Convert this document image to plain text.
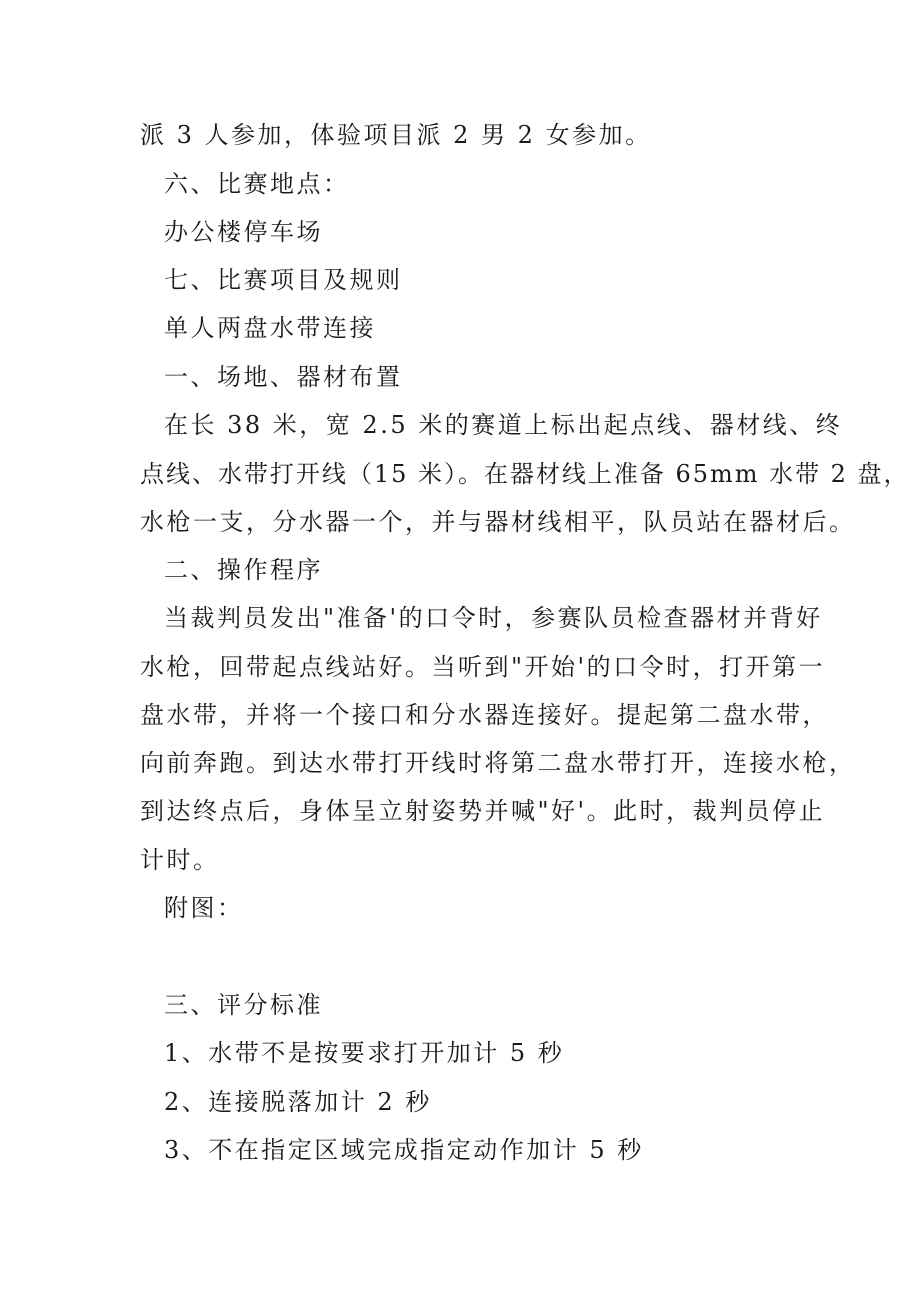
派 3 人参加，体验项目派 2 男 2 女参加。
六、比赛地点：
办公楼停车场
七、比赛项目及规则
单人两盘水带连接
一、场地、器材布置
在长 38 米，宽 2.5 米的赛道上标出起点线、器材线、终
点线、水带打开线（15 米）。在器材线上准备 65mm 水带 2 盘，
水枪一支，分水器一个，并与器材线相平，队员站在器材后。
二、操作程序
当裁判员发出"准备'的口令时，参赛队员检查器材并背好
水枪，回带起点线站好。当听到"开始'的口令时，打开第一
盘水带，并将一个接口和分水器连接好。提起第二盘水带，
向前奔跑。到达水带打开线时将第二盘水带打开，连接水枪，
到达终点后，身体呈立射姿势并喊"好'。此时，裁判员停止
计时。
附图：
三、评分标准
1、水带不是按要求打开加计 5 秒
2、连接脱落加计 2 秒
3、不在指定区域完成指定动作加计 5 秒
